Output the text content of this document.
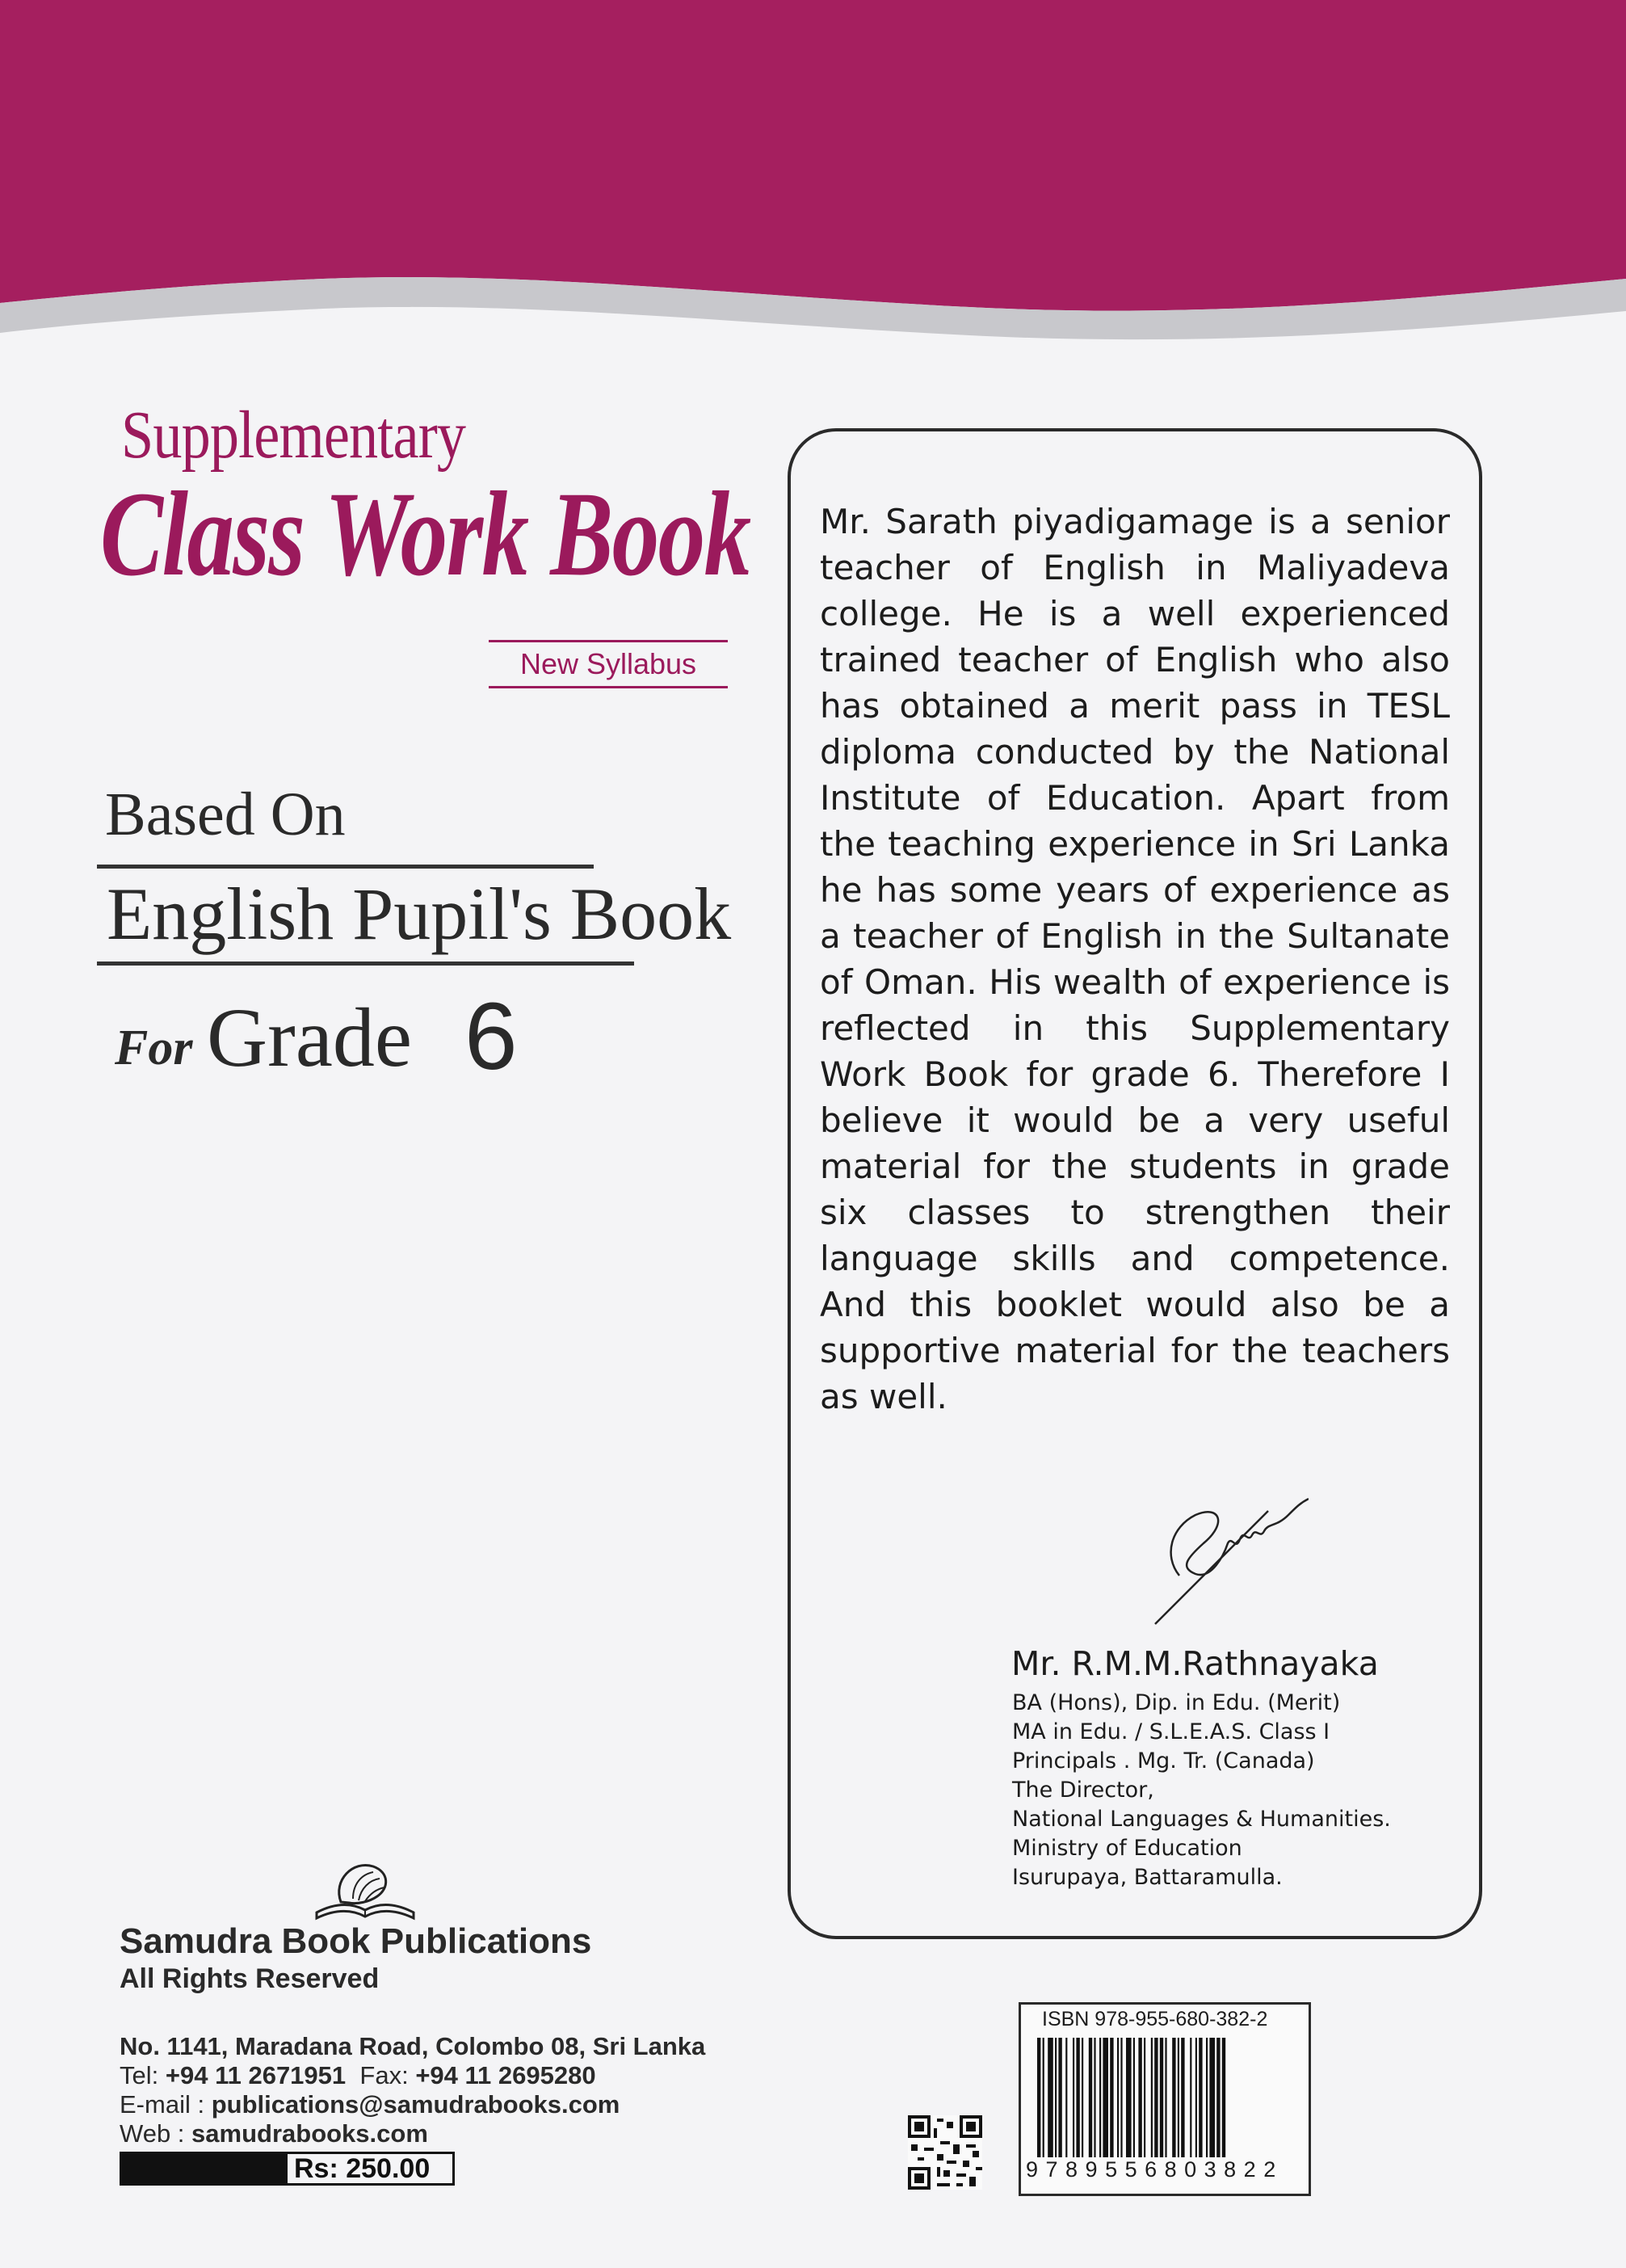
Supplementary
Class Work Book
New Syllabus
Based On
English Pupil's Book
For Grade 6
Mr. Sarath piyadigamage is a senior teacher of English in Maliyadeva college. He is a well experienced trained teacher of English who also has obtained a merit pass in TESL diploma conducted by the National Institute of Education. Apart from the teaching experience in Sri Lanka he has some years of experience as a teacher of English in the Sultanate of Oman. His wealth of experience is reflected in this Supplementary Work Book for grade 6. Therefore I believe it would be a very useful material for the students in grade six classes to strengthen their language skills and competence. And this booklet would also be a supportive material for the teachers as well.
Mr. R.M.M.Rathnayaka
BA (Hons), Dip. in Edu. (Merit)
MA in Edu. / S.L.E.A.S. Class I
Principals . Mg. Tr. (Canada)
The Director,
National Languages & Humanities.
Ministry of Education
Isurupaya, Battaramulla.
Samudra Book Publications
All Rights Reserved
No. 1141, Maradana Road, Colombo 08, Sri Lanka
Tel: +94 11 2671951 Fax: +94 11 2695280
E-mail : publications@samudrabooks.com
Web : samudrabooks.com
Rs: 250.00
ISBN 978-955-680-382-2
9789556803822
